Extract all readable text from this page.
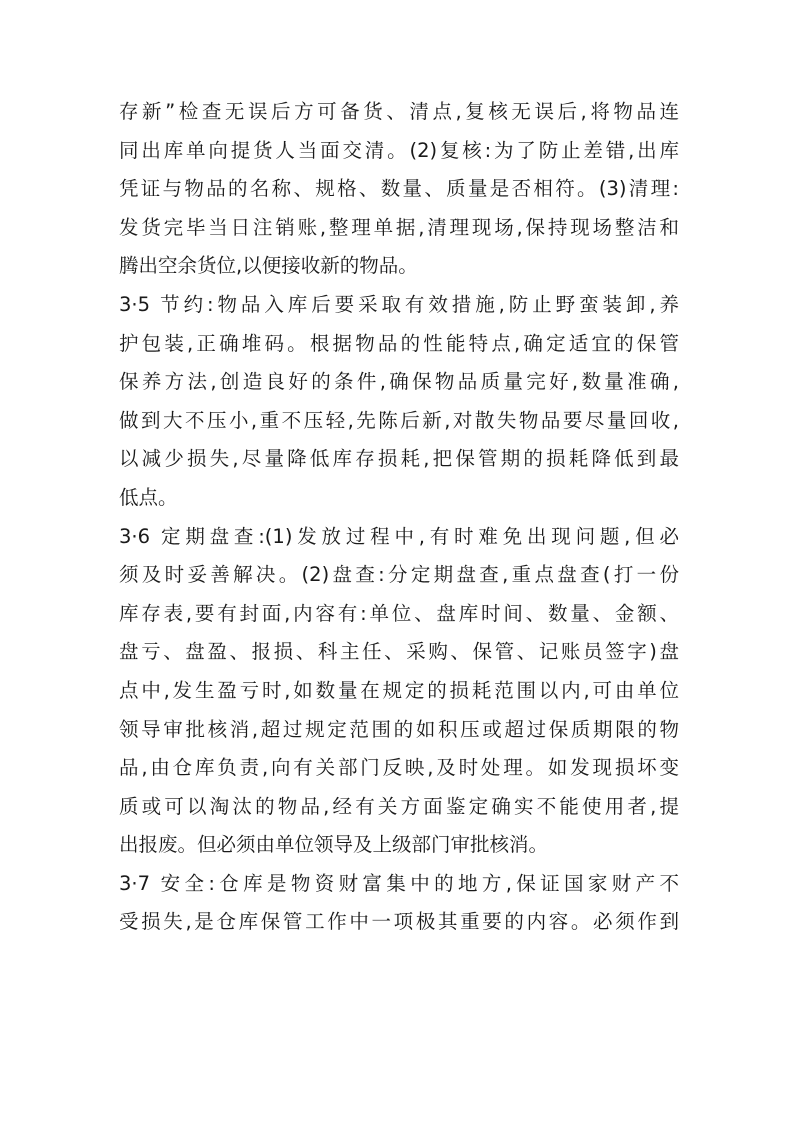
存新”检查无误后方可备货、清点,复核无误后,将物品连
同出库单向提货人当面交清。(2)复核:为了防止差错,出库
凭证与物品的名称、规格、数量、质量是否相符。(3)清理:
发货完毕当日注销账,整理单据,清理现场,保持现场整洁和
腾出空余货位,以便接收新的物品。
3·5 节约:物品入库后要采取有效措施,防止野蛮装卸,养
护包装,正确堆码。根据物品的性能特点,确定适宜的保管
保养方法,创造良好的条件,确保物品质量完好,数量准确,
做到大不压小,重不压轻,先陈后新,对散失物品要尽量回收,
以减少损失,尽量降低库存损耗,把保管期的损耗降低到最
低点。
3·6 定期盘查:(1)发放过程中,有时难免出现问题,但必
须及时妥善解决。(2)盘查:分定期盘查,重点盘查(打一份
库存表,要有封面,内容有:单位、盘库时间、数量、金额、
盘亏、盘盈、报损、科主任、采购、保管、记账员签字)盘
点中,发生盈亏时,如数量在规定的损耗范围以内,可由单位
领导审批核消,超过规定范围的如积压或超过保质期限的物
品,由仓库负责,向有关部门反映,及时处理。如发现损坏变
质或可以淘汰的物品,经有关方面鉴定确实不能使用者,提
出报废。但必须由单位领导及上级部门审批核消。
3·7 安全:仓库是物资财富集中的地方,保证国家财产不
受损失,是仓库保管工作中一项极其重要的内容。必须作到
